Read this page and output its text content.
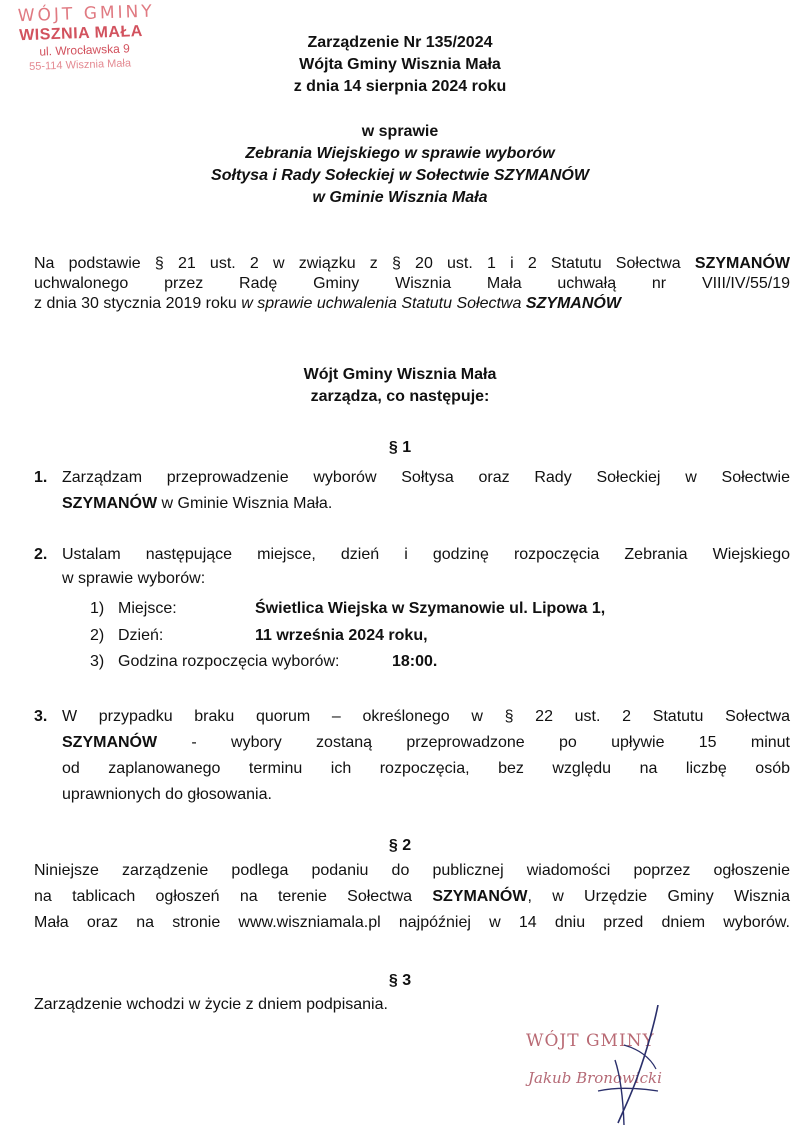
WÓJT GMINY
WISZNIA MAŁA
ul. Wrocławska 9
55-114 Wisznia Mała
Zarządzenie Nr 135/2024
Wójta Gminy Wisznia Mała
z dnia 14 sierpnia 2024 roku
w sprawie
Zebrania Wiejskiego w sprawie wyborów
Sołtysa i Rady Sołeckiej w Sołectwie SZYMANÓW
w Gminie Wisznia Mała
Na podstawie § 21 ust. 2 w związku z § 20 ust. 1 i 2 Statutu Sołectwa SZYMANÓW
uchwalonego przez Radę Gminy Wisznia Mała uchwałą nr VIII/IV/55/19
z dnia 30 stycznia 2019 roku w sprawie uchwalenia Statutu Sołectwa SZYMANÓW
Wójt Gminy Wisznia Mała
zarządza, co następuje:
§ 1
1. Zarządzam przeprowadzenie wyborów Sołtysa oraz Rady Sołeckiej w Sołectwie
SZYMANÓW w Gminie Wisznia Mała.
2. Ustalam następujące miejsce, dzień i godzinę rozpoczęcia Zebrania Wiejskiego
w sprawie wyborów:
1) Miejsce:	Świetlica Wiejska w Szymanowie ul. Lipowa 1,
2) Dzień:	11 września 2024 roku,
3) Godzina rozpoczęcia wyborów:	18:00.
3. W przypadku braku quorum – określonego w § 22 ust. 2 Statutu Sołectwa
SZYMANÓW - wybory zostaną przeprowadzone po upływie 15 minut
od zaplanowanego terminu ich rozpoczęcia, bez względu na liczbę osób
uprawnionych do głosowania.
§ 2
Niniejsze zarządzenie podlega podaniu do publicznej wiadomości poprzez ogłoszenie
na tablicach ogłoszeń na terenie Sołectwa SZYMANÓW, w Urzędzie Gminy Wisznia
Mała oraz na stronie www.wiszniamala.pl najpóźniej w 14 dniu przed dniem wyborów.
§ 3
Zarządzenie wchodzi w życie z dniem podpisania.
WÓJT GMINY
Jakub Bronowicki
